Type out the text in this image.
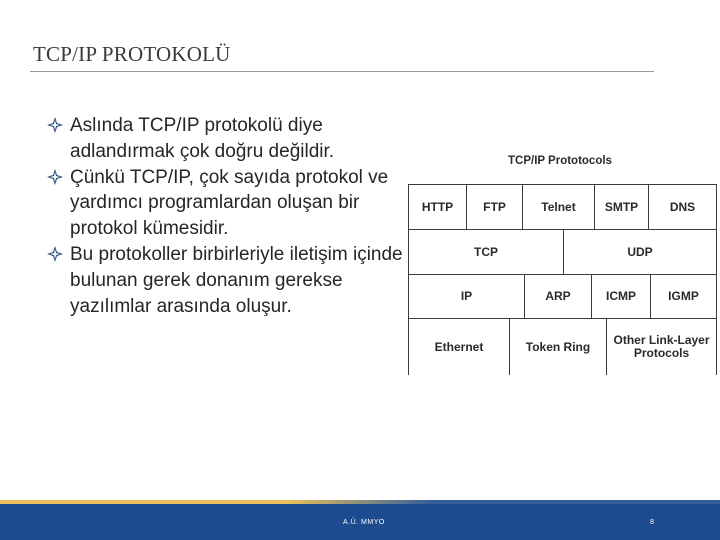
TCP/IP PROTOKOLÜ
Aslında TCP/IP protokolü diye adlandırmak çok doğru değildir.
Çünkü TCP/IP, çok sayıda protokol ve yardımcı programlardan oluşan bir protokol kümesidir.
Bu protokoller birbirleriyle iletişim içinde bulunan gerek donanım gerekse yazılımlar arasında oluşur.
TCP/IP Prototocols
HTTP	FTP	Telnet	SMTP	DNS
TCP	UDP
IP	ARP	ICMP	IGMP
Ethernet	Token Ring	Other Link-Layer Protocols
A.Ü. MMYO	8
